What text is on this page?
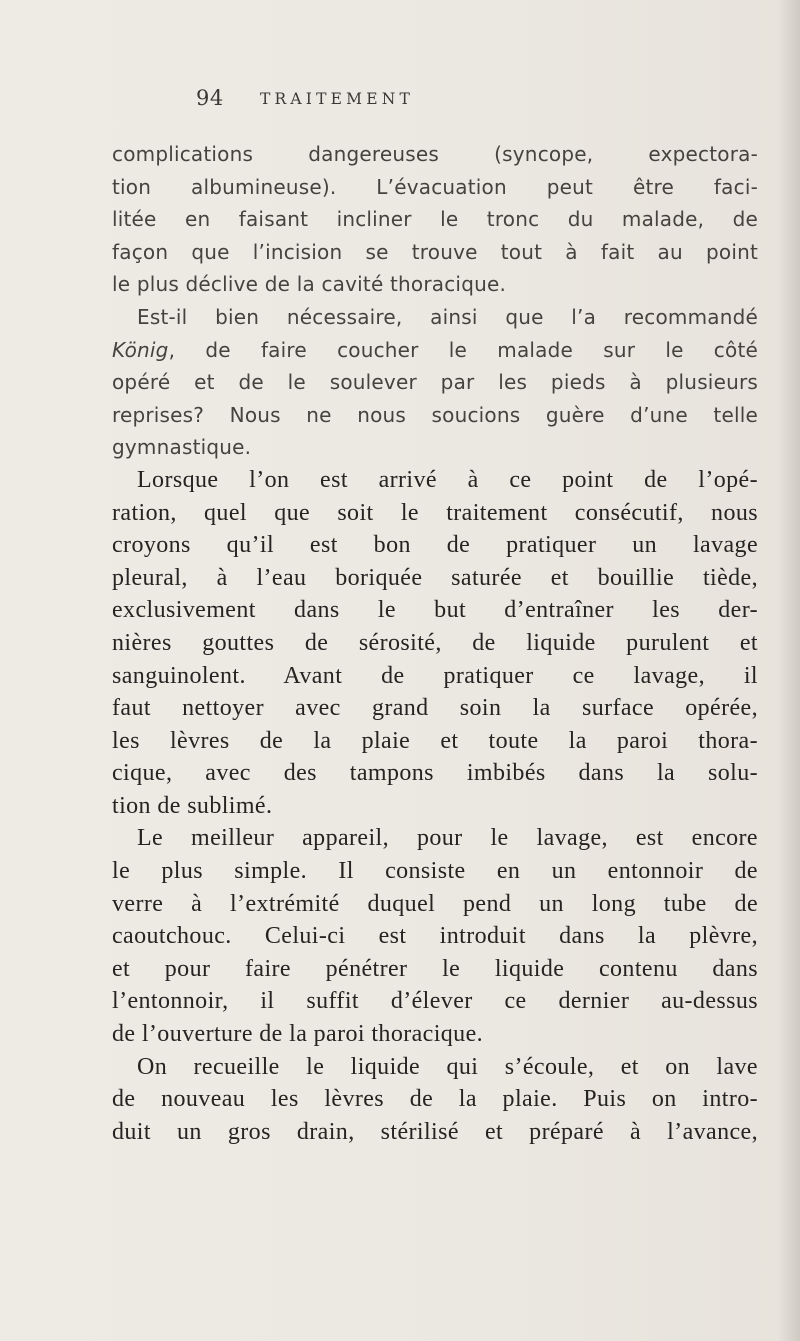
94 TRAITEMENT

complications dangereuses (syncope, expectora-
tion albumineuse). L’évacuation peut être faci-
litée en faisant incliner le tronc du malade, de
façon que l’incision se trouve tout à fait au point
le plus déclive de la cavité thoracique.

Est-il bien nécessaire, ainsi que l’a recommandé
König, de faire coucher le malade sur le côté
opéré et de le soulever par les pieds à plusieurs
reprises? Nous ne nous soucions guère d’une telle
gymnastique.

Lorsque l’on est arrivé à ce point de l’opé-
ration, quel que soit le traitement consécutif, nous
croyons qu’il est bon de pratiquer un lavage
pleural, à l’eau boriquée saturée et bouillie tiède,
exclusivement dans le but d’entraîner les der-
nières gouttes de sérosité, de liquide purulent et
sanguinolent. Avant de pratiquer ce lavage, il
faut nettoyer avec grand soin la surface opérée,
les lèvres de la plaie et toute la paroi thora-
cique, avec des tampons imbibés dans la solu-
tion de sublimé.

Le meilleur appareil, pour le lavage, est encore
le plus simple. Il consiste en un entonnoir de
verre à l’extrémité duquel pend un long tube de
caoutchouc. Celui-ci est introduit dans la plèvre,
et pour faire pénétrer le liquide contenu dans
l’entonnoir, il suffit d’élever ce dernier au-dessus
de l’ouverture de la paroi thoracique.

On recueille le liquide qui s’écoule, et on lave
de nouveau les lèvres de la plaie. Puis on intro-
duit un gros drain, stérilisé et préparé à l’avance,
